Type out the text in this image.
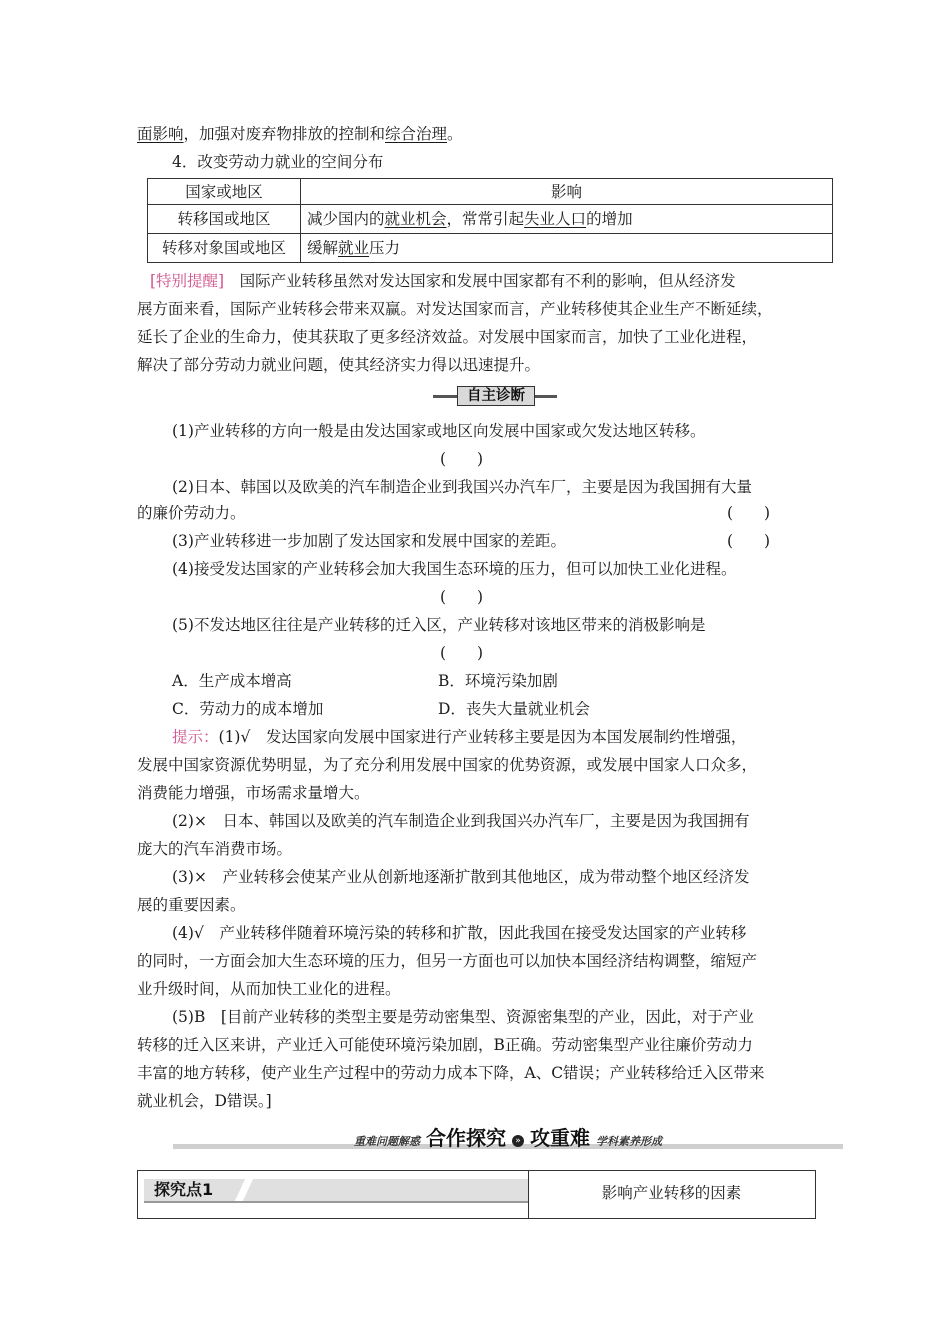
面影响，加强对废弃物排放的控制和综合治理。
4．改变劳动力就业的空间分布
国家或地区	影响
转移国或地区	减少国内的就业机会，常常引起失业人口的增加
转移对象国或地区	缓解就业压力
[特别提醒]　 国际产业转移虽然对发达国家和发展中国家都有不利的影响，但从经济发
展方面来看，国际产业转移会带来双赢。对发达国家而言，产业转移使其企业生产不断延续，
延长了企业的生命力，使其获取了更多经济效益。对发展中国家而言，加快了工业化进程，
解决了部分劳动力就业问题，使其经济实力得以迅速提升。
自主诊断
(1)产业转移的方向一般是由发达国家或地区向发展中国家或欠发达地区转移。
(　　)
(2)日本、韩国以及欧美的汽车制造企业到我国兴办汽车厂，主要是因为我国拥有大量
的廉价劳动力。	(　　)
(3)产业转移进一步加剧了发达国家和发展中国家的差距。	(　　)
(4)接受发达国家的产业转移会加大我国生态环境的压力，但可以加快工业化进程。
(　　)
(5)不发达地区往往是产业转移的迁入区，产业转移对该地区带来的消极影响是
(　　)
A．生产成本增高	B．环境污染加剧
C．劳动力的成本增加	D．丧失大量就业机会
提示：(1)√　发达国家向发展中国家进行产业转移主要是因为本国发展制约性增强，
发展中国家资源优势明显，为了充分利用发展中国家的优势资源，或发展中国家人口众多，
消费能力增强，市场需求量增大。
(2)×　日本、韩国以及欧美的汽车制造企业到我国兴办汽车厂，主要是因为我国拥有
庞大的汽车消费市场。
(3)×　产业转移会使某产业从创新地逐渐扩散到其他地区，成为带动整个地区经济发
展的重要因素。
(4)√　产业转移伴随着环境污染的转移和扩散，因此我国在接受发达国家的产业转移
的同时，一方面会加大生态环境的压力，但另一方面也可以加快本国经济结构调整，缩短产
业升级时间，从而加快工业化的进程。
(5)B　[目前产业转移的类型主要是劳动密集型、资源密集型的产业，因此，对于产业
转移的迁入区来讲，产业迁入可能使环境污染加剧，B正确。劳动密集型产业往廉价劳动力
丰富的地方转移，使产业生产过程中的劳动力成本下降，A、C错误；产业转移给迁入区带来
就业机会，D错误。]
重难问题解惑 合作探究 » 攻重难 学科素养形成
探究点1	影响产业转移的因素
